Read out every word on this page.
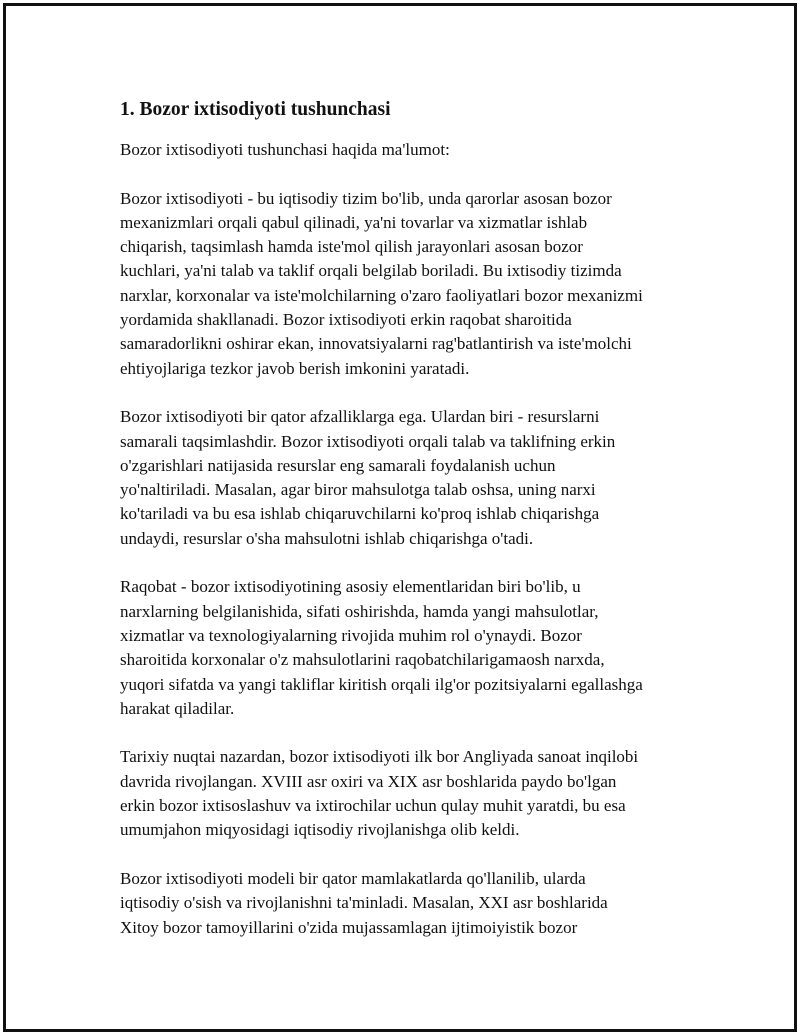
1. Bozor ixtisodiyoti tushunchasi

Bozor ixtisodiyoti tushunchasi haqida ma'lumot:

Bozor ixtisodiyoti - bu iqtisodiy tizim bo'lib, unda qarorlar asosan bozor

mexanizmlari orqali qabul qilinadi, ya'ni tovarlar va xizmatlar ishlab

chiqarish, taqsimlash hamda iste'mol qilish jarayonlari asosan bozor

kuchlari, ya'ni talab va taklif orqali belgilab boriladi. Bu ixtisodiy tizimda

narxlar, korxonalar va iste'molchilarning o'zaro faoliyatlari bozor mexanizmi

yordamida shakllanadi. Bozor ixtisodiyoti erkin raqobat sharoitida

samaradorlikni oshirar ekan, innovatsiyalarni rag'batlantirish va iste'molchi

ehtiyojlariga tezkor javob berish imkonini yaratadi.

Bozor ixtisodiyoti bir qator afzalliklarga ega. Ulardan biri - resurslarni

samarali taqsimlashdir. Bozor ixtisodiyoti orqali talab va taklifning erkin

o'zgarishlari natijasida resurslar eng samarali foydalanish uchun

yo'naltiriladi. Masalan, agar biror mahsulotga talab oshsa, uning narxi

ko'tariladi va bu esa ishlab chiqaruvchilarni ko'proq ishlab chiqarishga

undaydi, resurslar o'sha mahsulotni ishlab chiqarishga o'tadi.

Raqobat - bozor ixtisodiyotining asosiy elementlaridan biri bo'lib, u

narxlarning belgilanishida, sifati oshirishda, hamda yangi mahsulotlar,

xizmatlar va texnologiyalarning rivojida muhim rol o'ynaydi. Bozor

sharoitida korxonalar o'z mahsulotlarini raqobatchilarigamaosh narxda,

yuqori sifatda va yangi takliflar kiritish orqali ilg'or pozitsiyalarni egallashga

harakat qiladilar.

Tarixiy nuqtai nazardan, bozor ixtisodiyoti ilk bor Angliyada sanoat inqilobi

davrida rivojlangan. XVIII asr oxiri va XIX asr boshlarida paydo bo'lgan

erkin bozor ixtisoslashuv va ixtirochilar uchun qulay muhit yaratdi, bu esa

umumjahon miqyosidagi iqtisodiy rivojlanishga olib keldi.

Bozor ixtisodiyoti modeli bir qator mamlakatlarda qo'llanilib, ularda

iqtisodiy o'sish va rivojlanishni ta'minladi. Masalan, XXI asr boshlarida

Xitoy bozor tamoyillarini o'zida mujassamlagan ijtimoiyistik bozor
